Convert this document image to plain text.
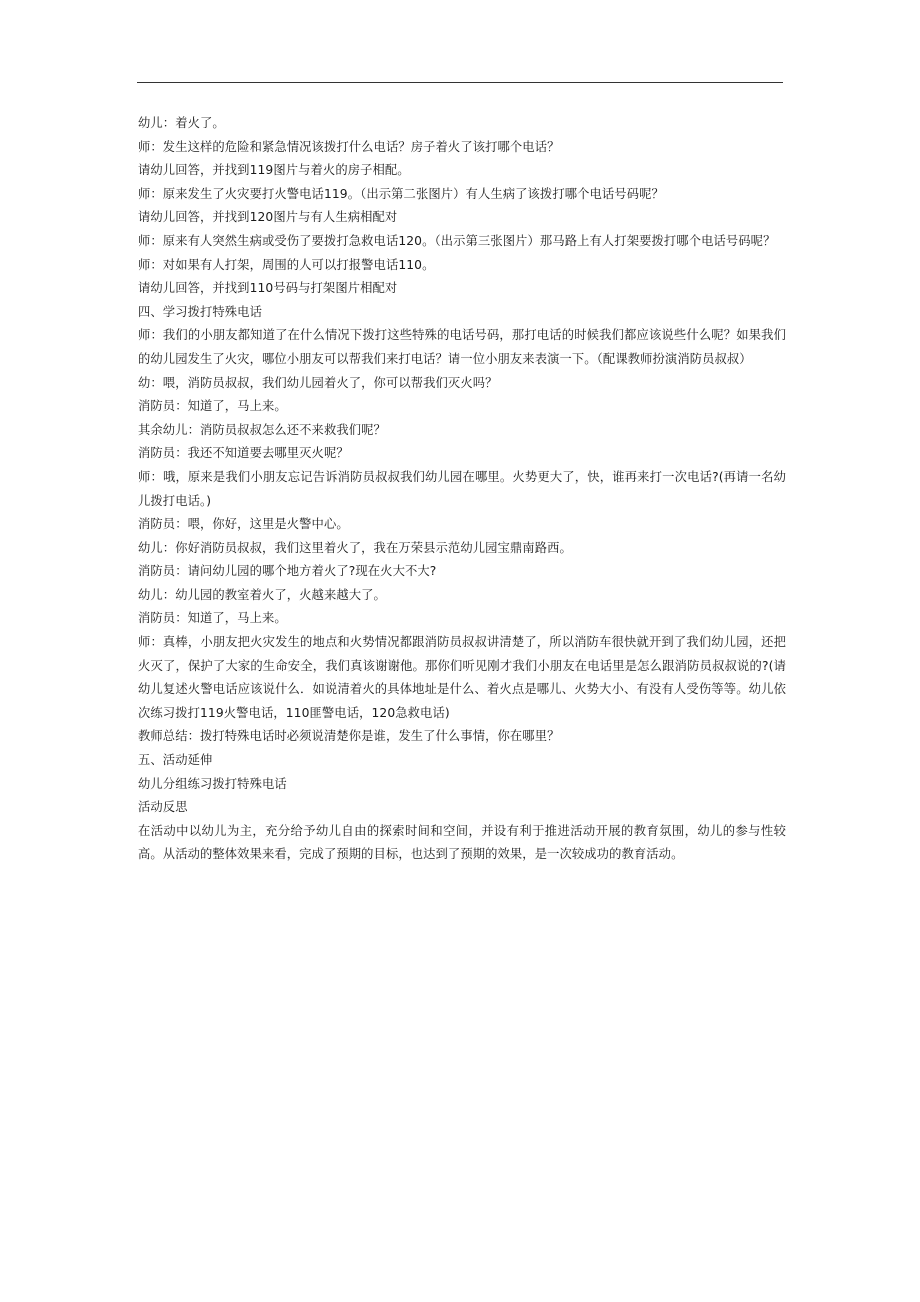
幼儿：着火了。

师：发生这样的危险和紧急情况该拨打什么电话？房子着火了该打哪个电话？

请幼儿回答，并找到119图片与着火的房子相配。

师：原来发生了火灾要打火警电话119。（出示第二张图片）有人生病了该拨打哪个电话号码呢？

请幼儿回答，并找到120图片与有人生病相配对

师：原来有人突然生病或受伤了要拨打急救电话120。（出示第三张图片）那马路上有人打架要拨打哪个电话号码呢？

师：对如果有人打架，周围的人可以打报警电话110。

请幼儿回答，并找到110号码与打架图片相配对

四、学习拨打特殊电话

师：我们的小朋友都知道了在什么情况下拨打这些特殊的电话号码，那打电话的时候我们都应该说些什么呢？如果我们的幼儿园发生了火灾，哪位小朋友可以帮我们来打电话？请一位小朋友来表演一下。（配课教师扮演消防员叔叔）

幼：喂，消防员叔叔，我们幼儿园着火了，你可以帮我们灭火吗？

消防员：知道了，马上来。

其余幼儿：消防员叔叔怎么还不来救我们呢？

消防员：我还不知道要去哪里灭火呢？

师：哦，原来是我们小朋友忘记告诉消防员叔叔我们幼儿园在哪里。火势更大了，快，谁再来打一次电话?(再请一名幼儿拨打电话。)

消防员：喂，你好，这里是火警中心。

幼儿：你好消防员叔叔，我们这里着火了，我在万荣县示范幼儿园宝鼎南路西。

消防员：请问幼儿园的哪个地方着火了?现在火大不大?

幼儿：幼儿园的教室着火了，火越来越大了。

消防员：知道了，马上来。

师：真棒，小朋友把火灾发生的地点和火势情况都跟消防员叔叔讲清楚了，所以消防车很快就开到了我们幼儿园，还把火灭了，保护了大家的生命安全，我们真该谢谢他。那你们听见刚才我们小朋友在电话里是怎么跟消防员叔叔说的?(请幼儿复述火警电话应该说什么．如说清着火的具体地址是什么、着火点是哪儿、火势大小、有没有人受伤等等。幼儿依次练习拨打119火警电话，110匪警电话，120急救电话)

教师总结：拨打特殊电话时必须说清楚你是谁，发生了什么事情，你在哪里？

五、活动延伸

幼儿分组练习拨打特殊电话

活动反思

在活动中以幼儿为主，充分给予幼儿自由的探索时间和空间，并设有利于推进活动开展的教育氛围，幼儿的参与性较高。从活动的整体效果来看，完成了预期的目标，也达到了预期的效果，是一次较成功的教育活动。
